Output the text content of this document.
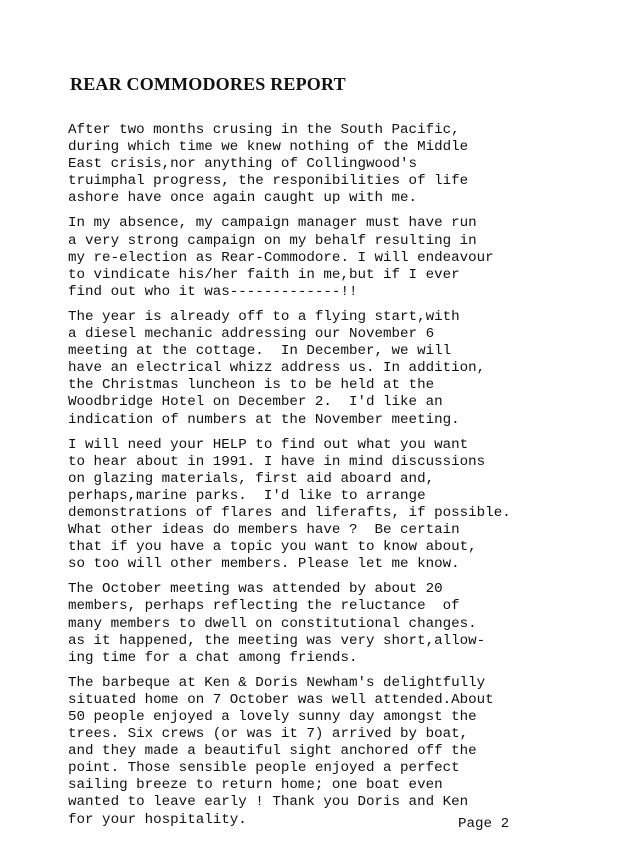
REAR COMMODORES REPORT
After two months crusing in the South Pacific,
during which time we knew nothing of the Middle
East crisis,nor anything of Collingwood's
truimphal progress, the responibilities of life
ashore have once again caught up with me.
In my absence, my campaign manager must have run
a very strong campaign on my behalf resulting in
my re-election as Rear-Commodore. I will endeavour
to vindicate his/her faith in me,but if I ever
find out who it was-------------!!
The year is already off to a flying start,with
a diesel mechanic addressing our November 6
meeting at the cottage.  In December, we will
have an electrical whizz address us. In addition,
the Christmas luncheon is to be held at the
Woodbridge Hotel on December 2.  I'd like an
indication of numbers at the November meeting.
I will need your HELP to find out what you want
to hear about in 1991. I have in mind discussions
on glazing materials, first aid aboard and,
perhaps,marine parks.  I'd like to arrange
demonstrations of flares and liferafts, if possible.
What other ideas do members have ?  Be certain
that if you have a topic you want to know about,
so too will other members. Please let me know.
The October meeting was attended by about 20
members, perhaps reflecting the reluctance  of
many members to dwell on constitutional changes.
as it happened, the meeting was very short,allow-
ing time for a chat among friends.
The barbeque at Ken & Doris Newham's delightfully
situated home on 7 October was well attended.About
50 people enjoyed a lovely sunny day amongst the
trees. Six crews (or was it 7) arrived by boat,
and they made a beautiful sight anchored off the
point. Those sensible people enjoyed a perfect
sailing breeze to return home; one boat even
wanted to leave early ! Thank you Doris and Ken
for your hospitality.	Page 2
